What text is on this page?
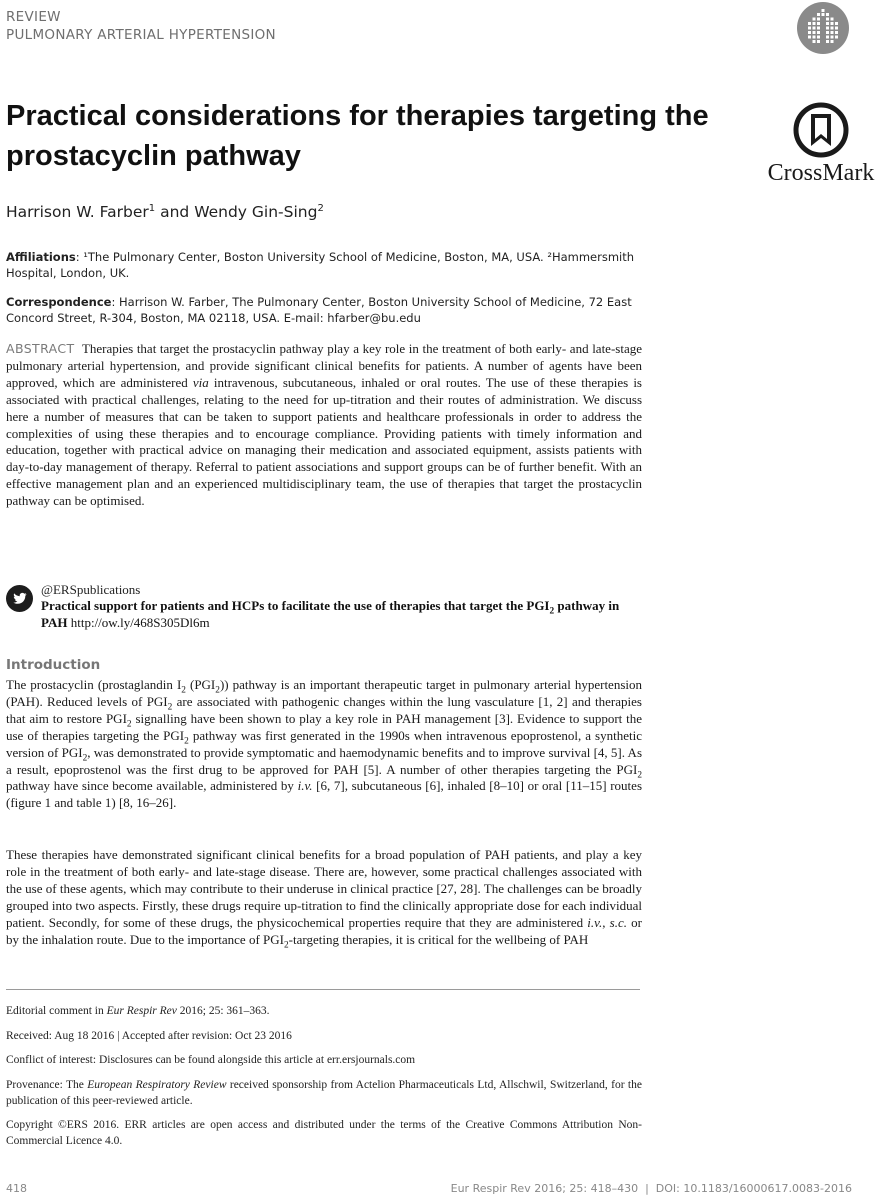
REVIEW
PULMONARY ARTERIAL HYPERTENSION
Practical considerations for therapies targeting the prostacyclin pathway
CrossMark
Harrison W. Farber$^1$ and Wendy Gin-Sing$^2$
Affiliations: ¹The Pulmonary Center, Boston University School of Medicine, Boston, MA, USA. ²Hammersmith Hospital, London, UK.
Correspondence: Harrison W. Farber, The Pulmonary Center, Boston University School of Medicine, 72 East Concord Street, R-304, Boston, MA 02118, USA. E-mail: hfarber@bu.edu
ABSTRACT Therapies that target the prostacyclin pathway play a key role in the treatment of both early- and late-stage pulmonary arterial hypertension, and provide significant clinical benefits for patients. A number of agents have been approved, which are administered via intravenous, subcutaneous, inhaled or oral routes. The use of these therapies is associated with practical challenges, relating to the need for up-titration and their routes of administration. We discuss here a number of measures that can be taken to support patients and healthcare professionals in order to address the complexities of using these therapies and to encourage compliance. Providing patients with timely information and education, together with practical advice on managing their medication and associated equipment, assists patients with day-to-day management of therapy. Referral to patient associations and support groups can be of further benefit. With an effective management plan and an experienced multidisciplinary team, the use of therapies that target the prostacyclin pathway can be optimised.
@ERSpublications
Practical support for patients and HCPs to facilitate the use of therapies that target the $PGI_2$ pathway in PAH http://ow.ly/468S305Dl6m
Introduction
The prostacyclin (prostaglandin $I_2$ $(PGI_2)$) pathway is an important therapeutic target in pulmonary arterial hypertension (PAH). Reduced levels of $PGI_2$ are associated with pathogenic changes within the lung vasculature [1, 2] and therapies that aim to restore $PGI_2$ signalling have been shown to play a key role in PAH management [3]. Evidence to support the use of therapies targeting the $PGI_2$ pathway was first generated in the 1990s when intravenous epoprostenol, a synthetic version of $PGI_2$, was demonstrated to provide symptomatic and haemodynamic benefits and to improve survival [4, 5]. As a result, epoprostenol was the first drug to be approved for PAH [5]. A number of other therapies targeting the $PGI_2$ pathway have since become available, administered by i.v. [6, 7], subcutaneous [6], inhaled [8–10] or oral [11–15] routes (figure 1 and table 1) [8, 16–26].
These therapies have demonstrated significant clinical benefits for a broad population of PAH patients, and play a key role in the treatment of both early- and late-stage disease. There are, however, some practical challenges associated with the use of these agents, which may contribute to their underuse in clinical practice [27, 28]. The challenges can be broadly grouped into two aspects. Firstly, these drugs require up-titration to find the clinically appropriate dose for each individual patient. Secondly, for some of these drugs, the physicochemical properties require that they are administered i.v., s.c. or by the inhalation route. Due to the importance of $PGI_2$-targeting therapies, it is critical for the wellbeing of PAH
Editorial comment in Eur Respir Rev 2016; 25: 361–363.
Received: Aug 18 2016 | Accepted after revision: Oct 23 2016
Conflict of interest: Disclosures can be found alongside this article at err.ersjournals.com
Provenance: The European Respiratory Review received sponsorship from Actelion Pharmaceuticals Ltd, Allschwil, Switzerland, for the publication of this peer-reviewed article.
Copyright ©ERS 2016. ERR articles are open access and distributed under the terms of the Creative Commons Attribution Non-Commercial Licence 4.0.
418	Eur Respir Rev 2016; 25: 418–430  |  DOI: 10.1183/16000617.0083-2016
